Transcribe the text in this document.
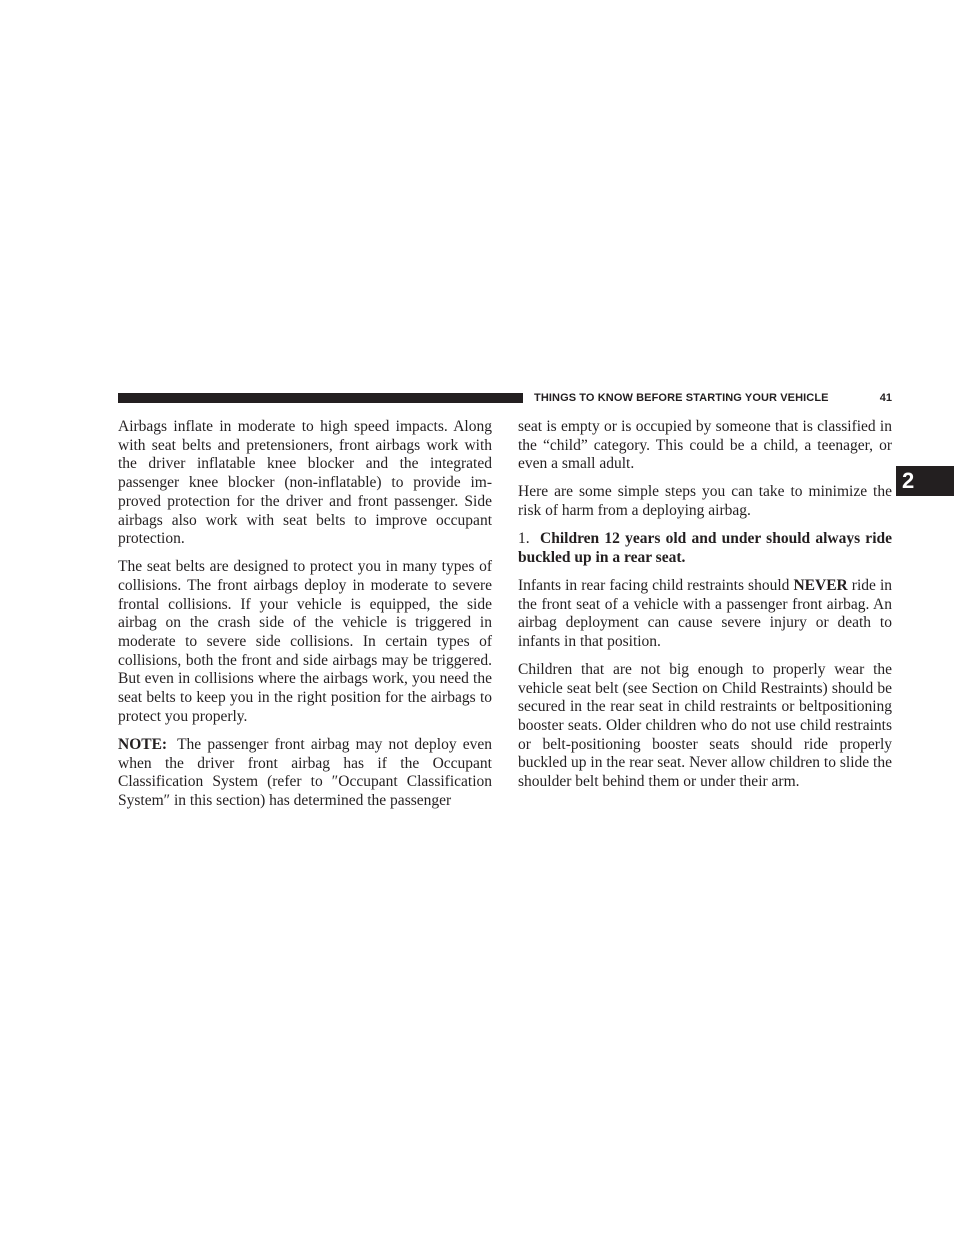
THINGS TO KNOW BEFORE STARTING YOUR VEHICLE	41
2

Airbags inflate in moderate to high speed impacts. Along with seat belts and pretensioners, front airbags work with the driver inflatable knee blocker and the integrated passenger knee blocker (non-inflatable) to provide improved protection for the driver and front passenger. Side airbags also work with seat belts to improve occupant protection.

The seat belts are designed to protect you in many types of collisions. The front airbags deploy in moderate to severe frontal collisions. If your vehicle is equipped, the side airbag on the crash side of the vehicle is triggered in moderate to severe side collisions. In certain types of collisions, both the front and side airbags may be triggered. But even in collisions where the airbags work, you need the seat belts to keep you in the right position for the airbags to protect you properly.

NOTE: The passenger front airbag may not deploy even when the driver front airbag has if the Occupant Classification System (refer to ″Occupant Classification System″ in this section) has determined the passenger

seat is empty or is occupied by someone that is classified in the “child” category. This could be a child, a teenager, or even a small adult.

Here are some simple steps you can take to minimize the risk of harm from a deploying airbag.

1. Children 12 years old and under should always ride buckled up in a rear seat.

Infants in rear facing child restraints should NEVER ride in the front seat of a vehicle with a passenger front airbag. An airbag deployment can cause severe injury or death to infants in that position.

Children that are not big enough to properly wear the vehicle seat belt (see Section on Child Restraints) should be secured in the rear seat in child restraints or beltpositioning booster seats. Older children who do not use child restraints or belt-positioning booster seats should ride properly buckled up in the rear seat. Never allow children to slide the shoulder belt behind them or under their arm.
